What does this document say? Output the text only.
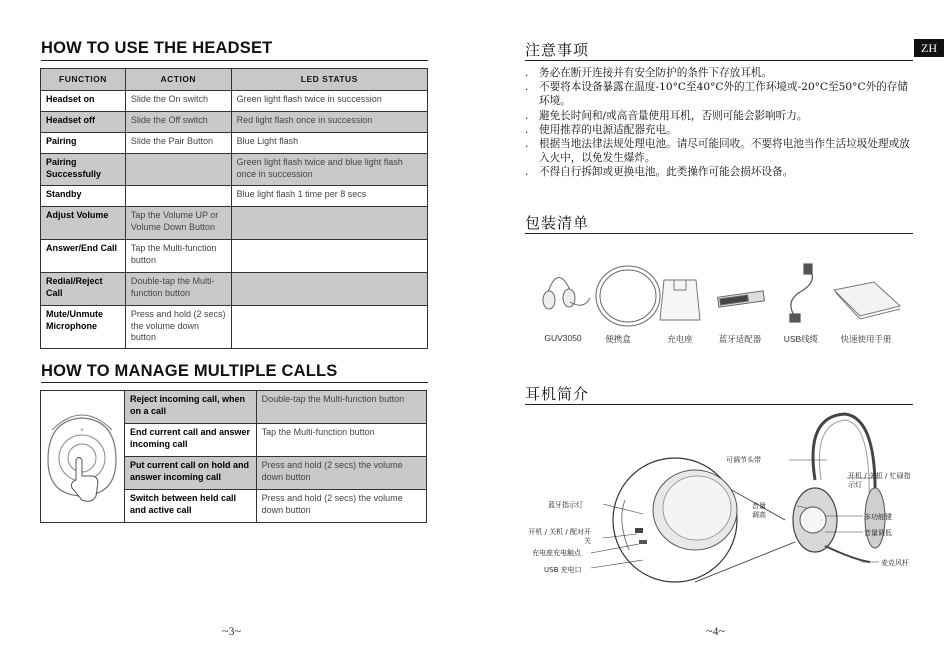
HOW TO USE THE HEADSET
FUNCTION	ACTION	LED STATUS
Headset on	Slide the On switch	Green light flash twice in succession
Headset off	Slide the Off switch	Red light flash once in succession
Pairing	Slide the Pair Button	Blue Light flash
Pairing Successfully		Green light flash twice and blue light flash once in succession
Standby		Blue light flash 1 time per 8 secs
Adjust Volume	Tap the Volume UP or Volume Down Button	
Answer/End Call	Tap the Multi-function button	
Redial/Reject Call	Double-tap the Multi-function button	
Mute/Unmute Microphone	Press and hold (2 secs) the volume down button	
HOW TO MANAGE MULTIPLE CALLS
+	Reject incoming call, when on a call	Double-tap the Multi-function button
	End current call and answer incoming call	Tap the Multi-function button
	Put current call on hold and answer incoming call	Press and hold (2 secs) the volume down button
	Switch between held call and active call	Press and hold (2 secs) the volume down button
~3~
ZH
注意事项
. 务必在断开连接并有安全防护的条件下存放耳机。
. 不要将本设备暴露在温度-10°C至40°C外的工作环境或-20°C至50°C外的存储环境。
. 避免长时间和/或高音量使用耳机，否则可能会影响听力。
. 使用推荐的电源适配器充电。
. 根据当地法律法规处理电池。请尽可能回收。不要将电池当作生活垃圾处理或放入火中，以免发生爆炸。
. 不得自行拆卸或更换电池。此类操作可能会损坏设备。
包装清单
GUV3050	便携盒	充电座	蓝牙适配器	USB线缆	快速使用手册
耳机简介
可调节头带
开机 / 关机 / 忙碌指示灯
音量调高	多功能键
音量调低
麦克风杆
蓝牙指示灯
开机 / 关机 / 配对开关
充电座充电触点
USB 充电口
~4~
